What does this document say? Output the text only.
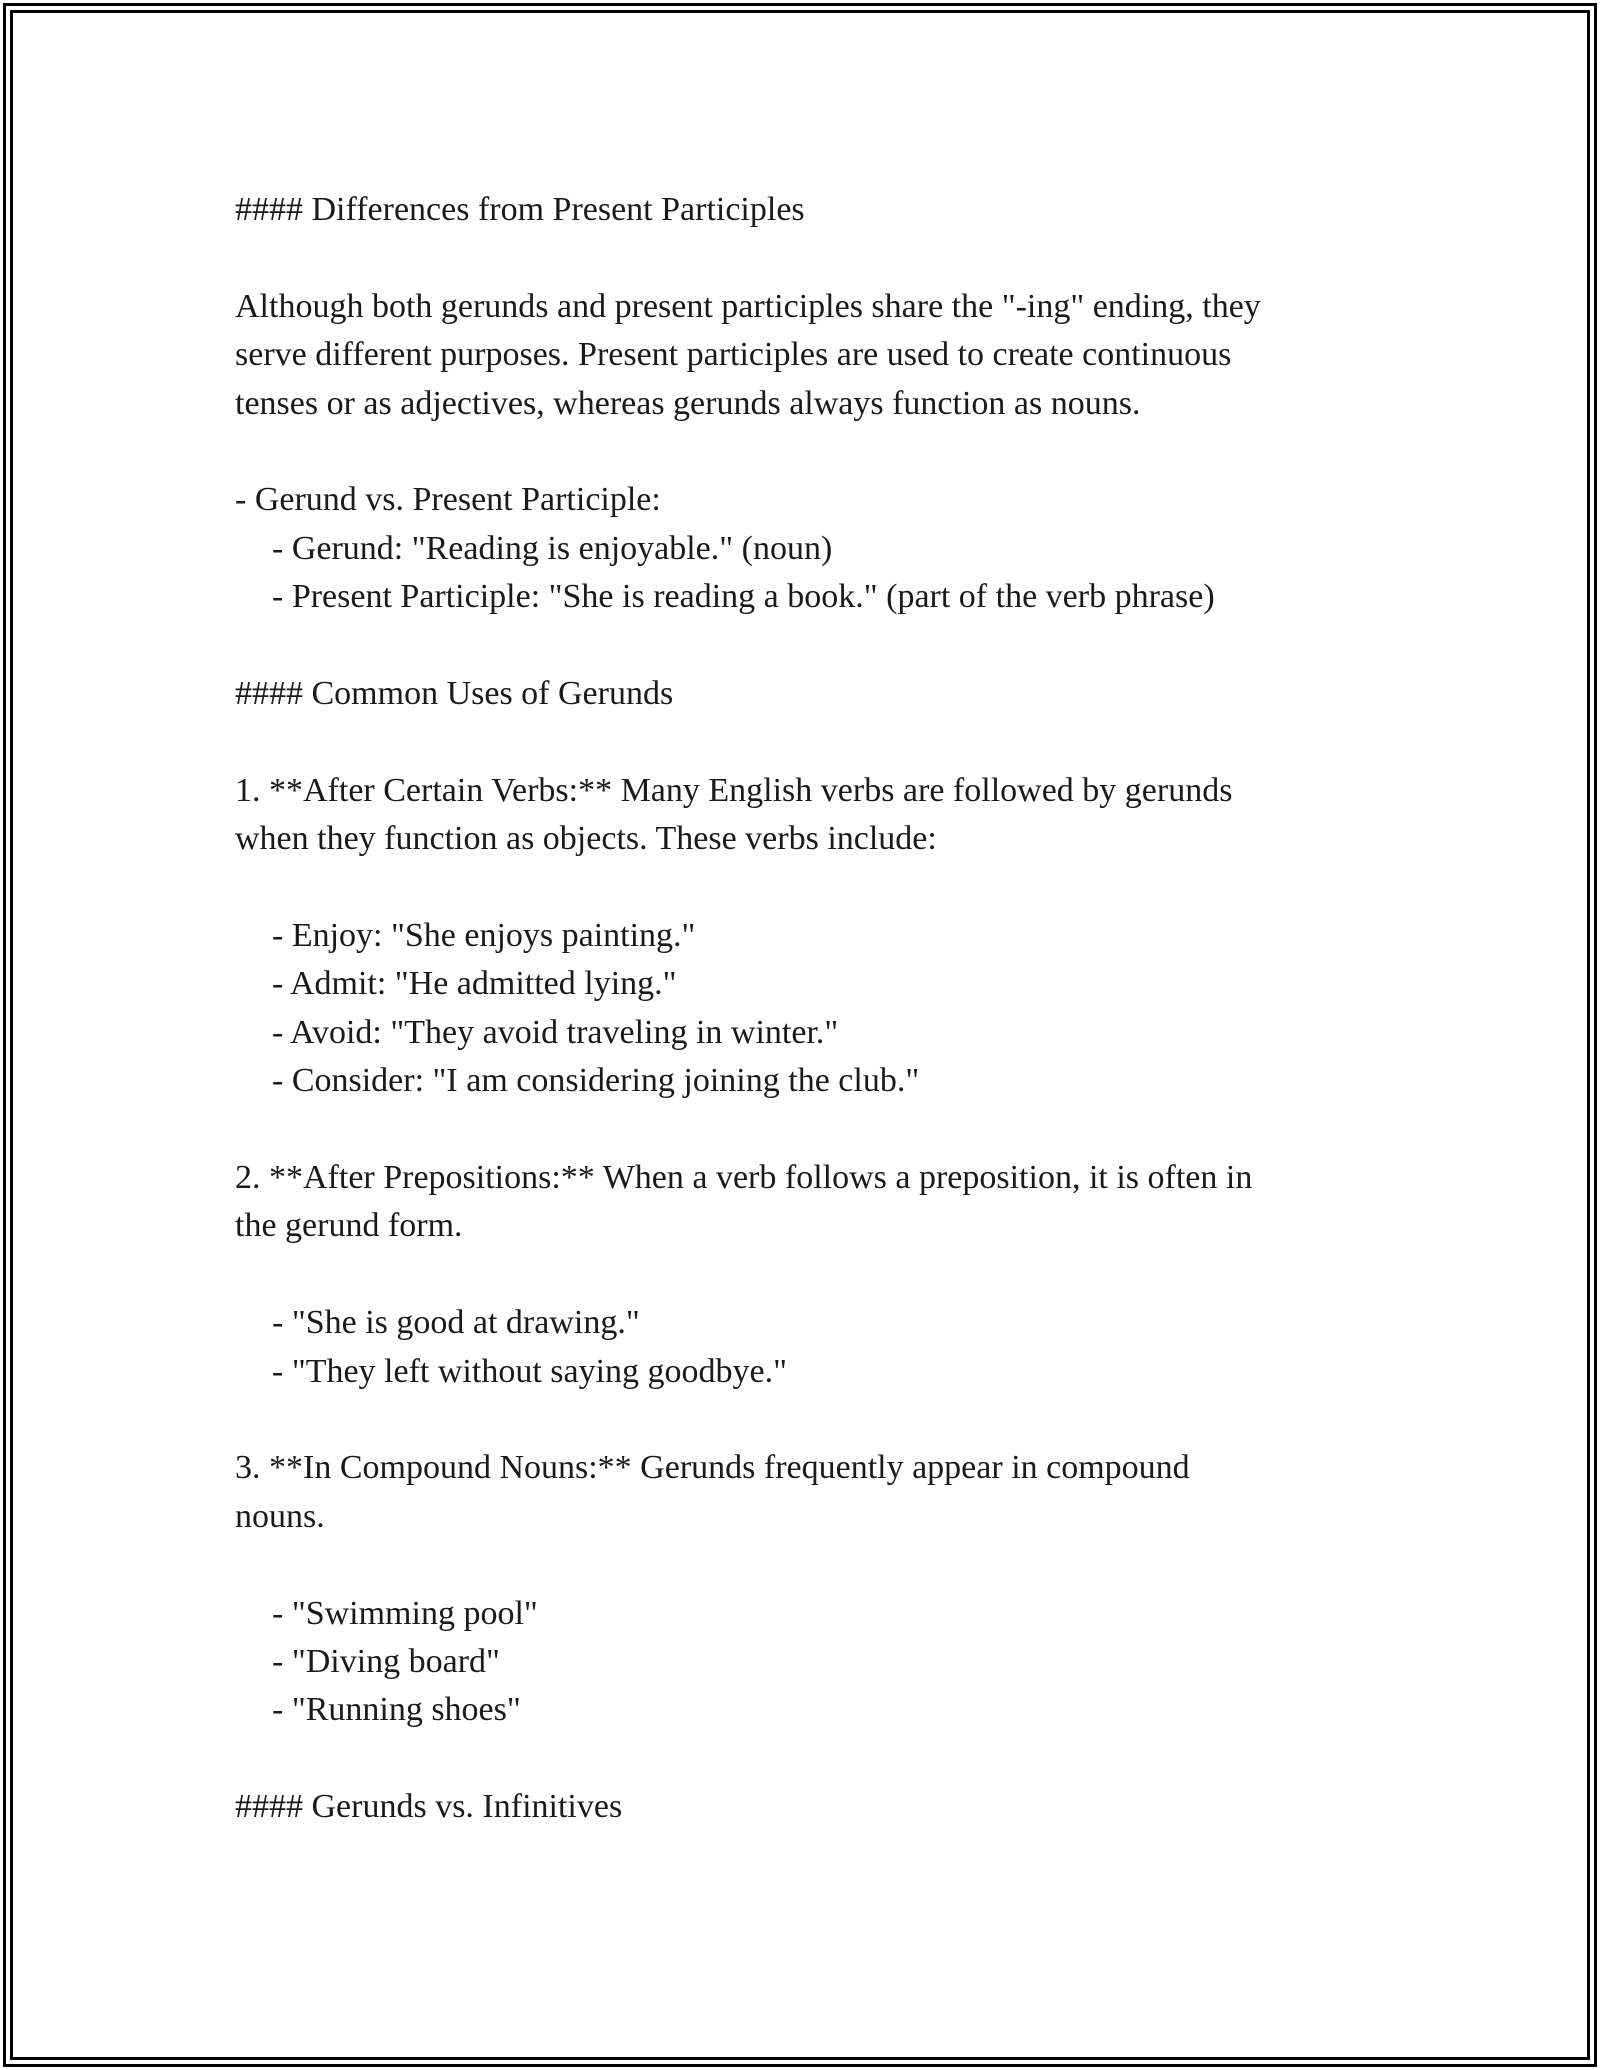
#### Differences from Present Participles
Although both gerunds and present participles share the "-ing" ending, they
serve different purposes. Present participles are used to create continuous
tenses or as adjectives, whereas gerunds always function as nouns.
- Gerund vs. Present Participle:
- Gerund: "Reading is enjoyable." (noun)
- Present Participle: "She is reading a book." (part of the verb phrase)
#### Common Uses of Gerunds
1. **After Certain Verbs:** Many English verbs are followed by gerunds
when they function as objects. These verbs include:
- Enjoy: "She enjoys painting."
- Admit: "He admitted lying."
- Avoid: "They avoid traveling in winter."
- Consider: "I am considering joining the club."
2. **After Prepositions:** When a verb follows a preposition, it is often in
the gerund form.
- "She is good at drawing."
- "They left without saying goodbye."
3. **In Compound Nouns:** Gerunds frequently appear in compound
nouns.
- "Swimming pool"
- "Diving board"
- "Running shoes"
#### Gerunds vs. Infinitives
